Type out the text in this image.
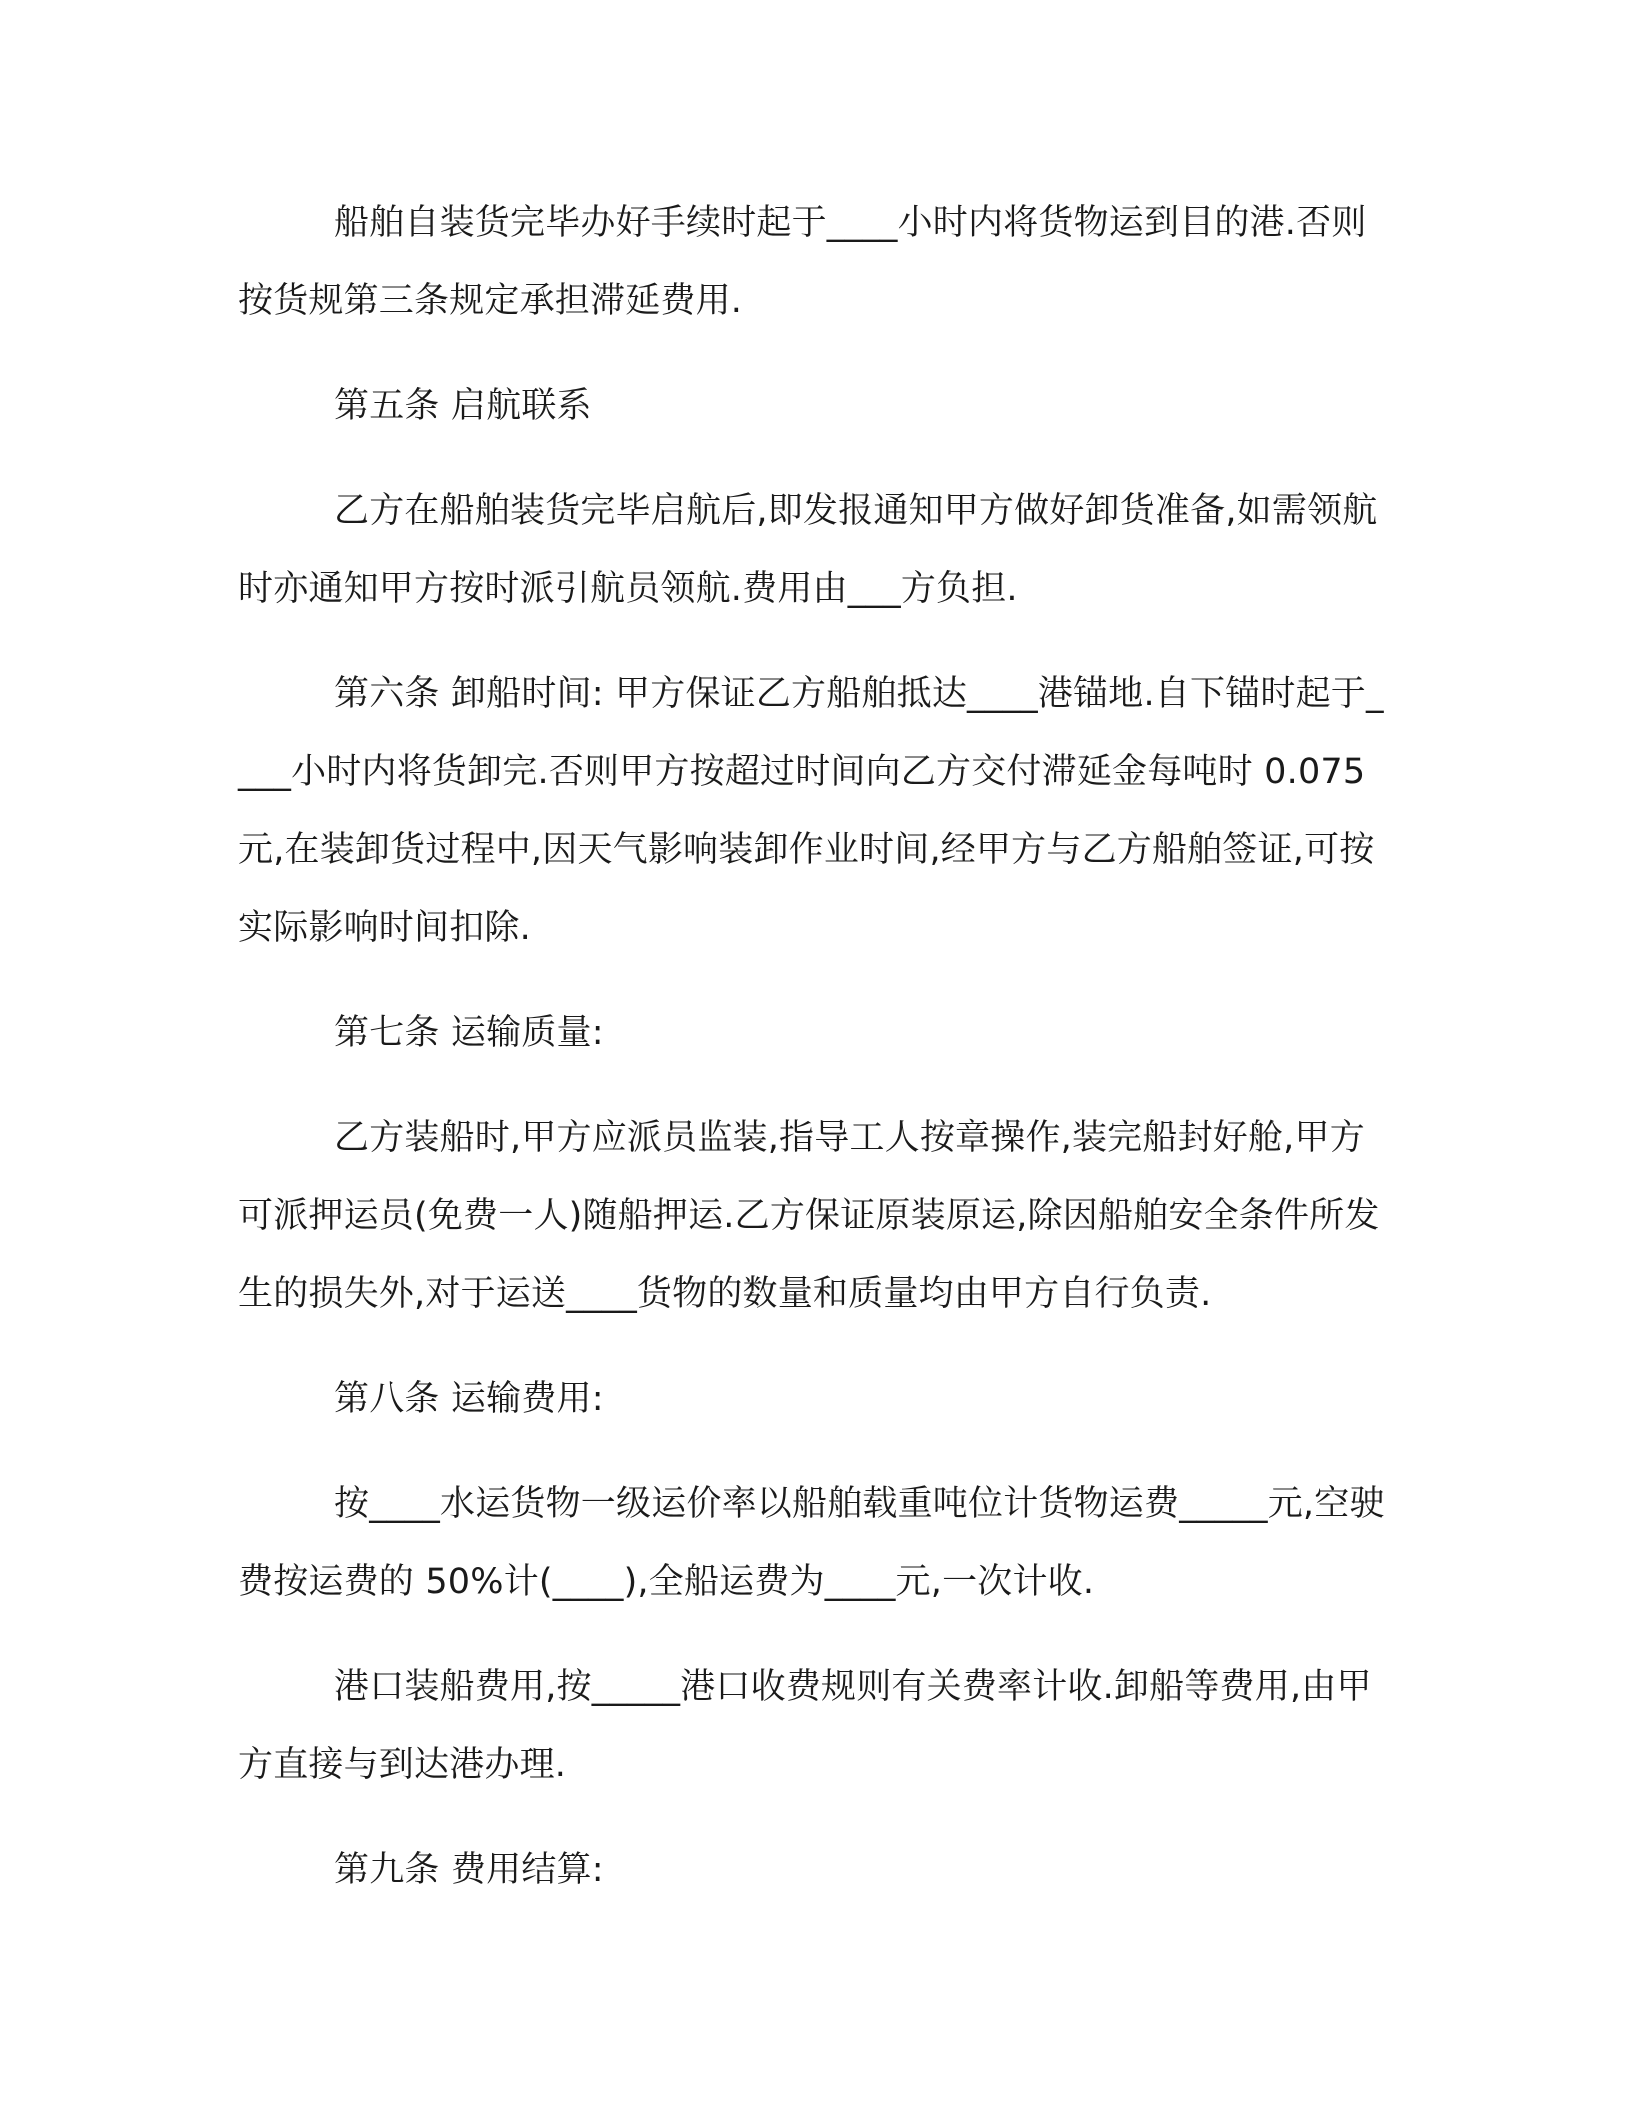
船舶自装货完毕办好手续时起于____小时内将货物运到目的港.否则按货规第三条规定承担滞延费用.

第五条 启航联系

乙方在船舶装货完毕启航后,即发报通知甲方做好卸货准备,如需领航时亦通知甲方按时派引航员领航.费用由___方负担.

第六条 卸船时间: 甲方保证乙方船舶抵达____港锚地.自下锚时起于____小时内将货卸完.否则甲方按超过时间向乙方交付滞延金每吨时 0.075 元,在装卸货过程中,因天气影响装卸作业时间,经甲方与乙方船舶签证,可按实际影响时间扣除.

第七条 运输质量:

乙方装船时,甲方应派员监装,指导工人按章操作,装完船封好舱,甲方可派押运员(免费一人)随船押运.乙方保证原装原运,除因船舶安全条件所发生的损失外,对于运送____货物的数量和质量均由甲方自行负责.

第八条 运输费用:

按____水运货物一级运价率以船舶载重吨位计货物运费_____元,空驶费按运费的 50%计(____),全船运费为____元,一次计收.

港口装船费用,按_____港口收费规则有关费率计收.卸船等费用,由甲方直接与到达港办理.

第九条 费用结算:
